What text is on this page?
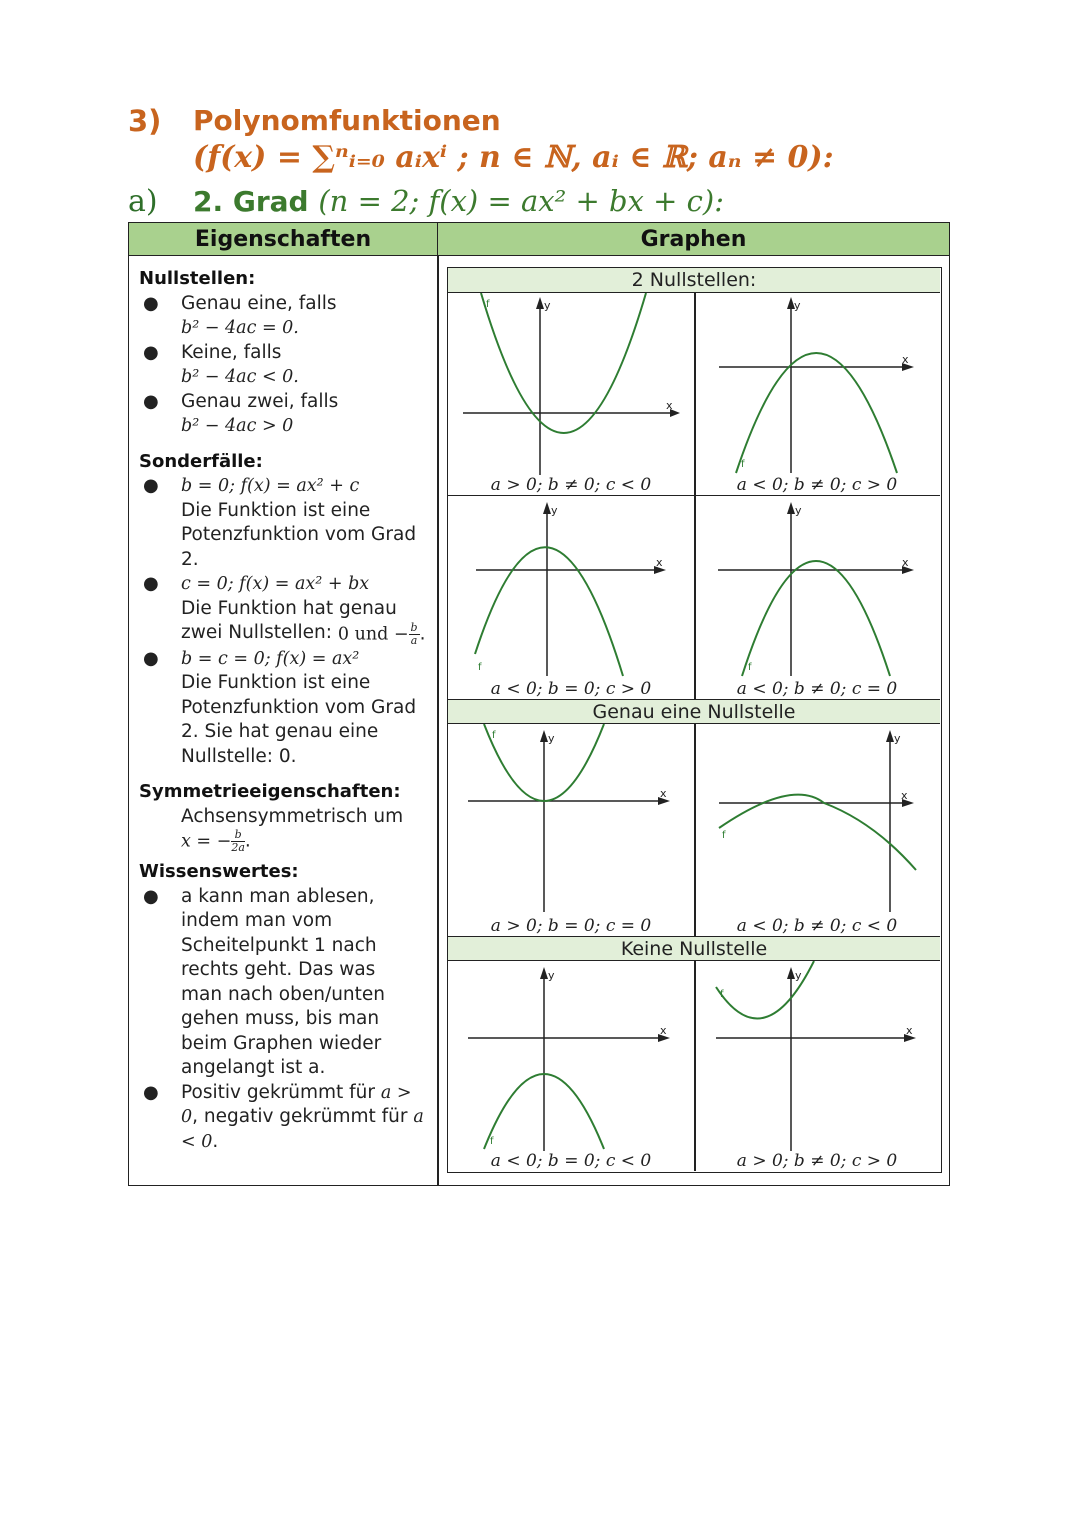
3) Polynomfunktionen
(f(x) = ∑ⁿᵢ₌₀ aᵢxⁱ ; n ∈ ℕ, aᵢ ∈ ℝ; aₙ ≠ 0):
a) 2. Grad (n = 2; f(x) = ax² + bx + c):
Eigenschaften	Graphen
Nullstellen:
● Genau eine, falls
b² − 4ac = 0.
● Keine, falls
b² − 4ac < 0.
● Genau zwei, falls
b² − 4ac > 0
Sonderfälle:
● b = 0; f(x) = ax² + c
Die Funktion ist eine Potenzfunktion vom Grad 2.
● c = 0; f(x) = ax² + bx
Die Funktion hat genau zwei Nullstellen: 0 und − $\frac{b}{a}$ .
● b = c = 0; f(x) = ax²
Die Funktion ist eine Potenzfunktion vom Grad 2. Sie hat genau eine Nullstelle: 0.
Symmetrieeigenschaften:
Achsensymmetrisch um
x = − $\frac{b}{2a}$ .
Wissenswertes:
● a kann man ablesen, indem man vom Scheitelpunkt 1 nach rechts geht. Das was man nach oben/unten gehen muss, bis man beim Graphen wieder angelangt ist a.
● Positiv gekrümmt für a > 0, negativ gekrümmt für a < 0.
2 Nullstellen:
f	y
x
a > 0; b ≠ 0; c < 0
f
y
x
a < 0; b ≠ 0; c > 0
f
y
x
a < 0; b = 0; c > 0
f
y
x
a < 0; b ≠ 0; c = 0
Genau eine Nullstelle
f	y
x
a > 0; b = 0; c = 0
f
y
x
a < 0; b ≠ 0; c < 0
Keine Nullstelle
f
y
x
a < 0; b = 0; c < 0
f
y
x
a > 0; b ≠ 0; c > 0
